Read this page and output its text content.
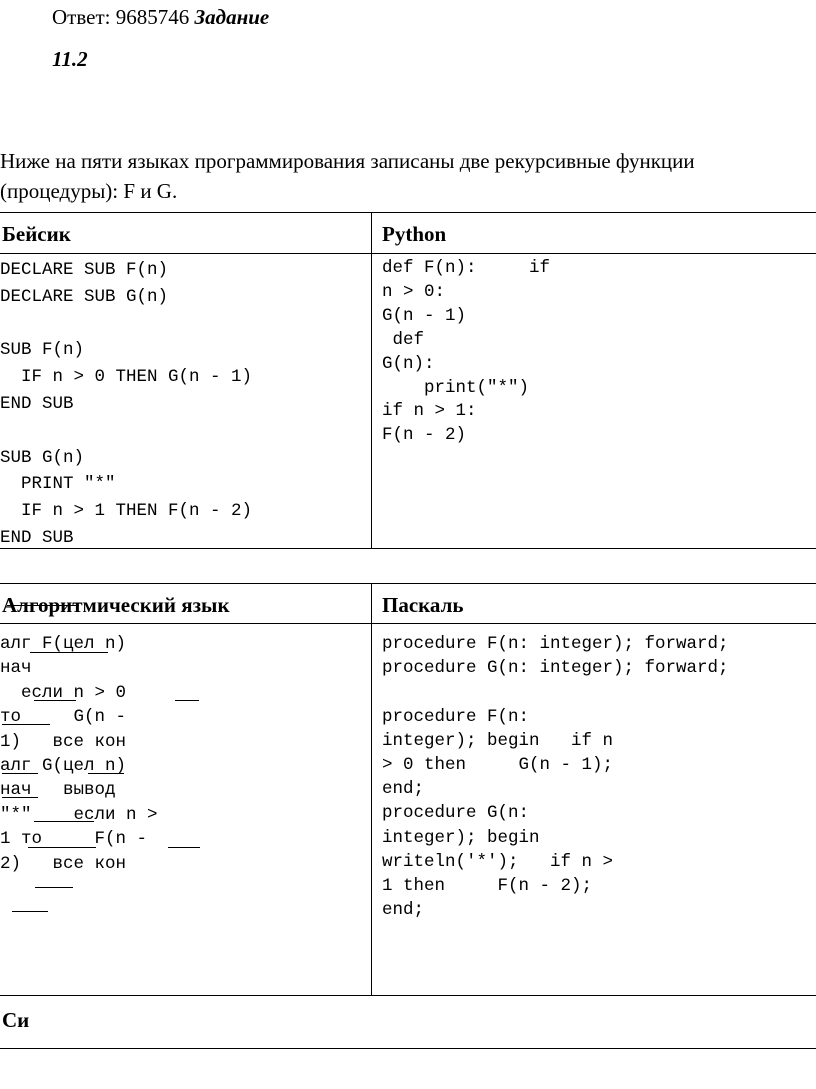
Ответ: 9685746 Задание
11.2
Ниже на пяти языках программирования записаны две рекурсивные функции
(процедуры): F и G.
Бейсик	Python
DECLARE SUB F(n)
DECLARE SUB G(n)

SUB F(n)
IF n > 0 THEN G(n - 1)
END SUB

SUB G(n)
PRINT "*"
IF n > 1 THEN F(n - 2)
END SUB
def F(n):     if
n > 0:
G(n - 1)
def
G(n):
print("*")
if n > 1:
F(n - 2)
Алгоритмический язык	Паскаль
алг F(цел n)
нач
если n > 0
то     G(n -
1)   все кон
алг G(цел n)
нач   вывод
"*"    если n >
1 то     F(n -
2)   все кон
procedure F(n: integer); forward;
procedure G(n: integer); forward;

procedure F(n:
integer); begin   if n
> 0 then     G(n - 1);
end;
procedure G(n:
integer); begin
writeln('*');   if n >
1 then     F(n - 2);
end;
Си
